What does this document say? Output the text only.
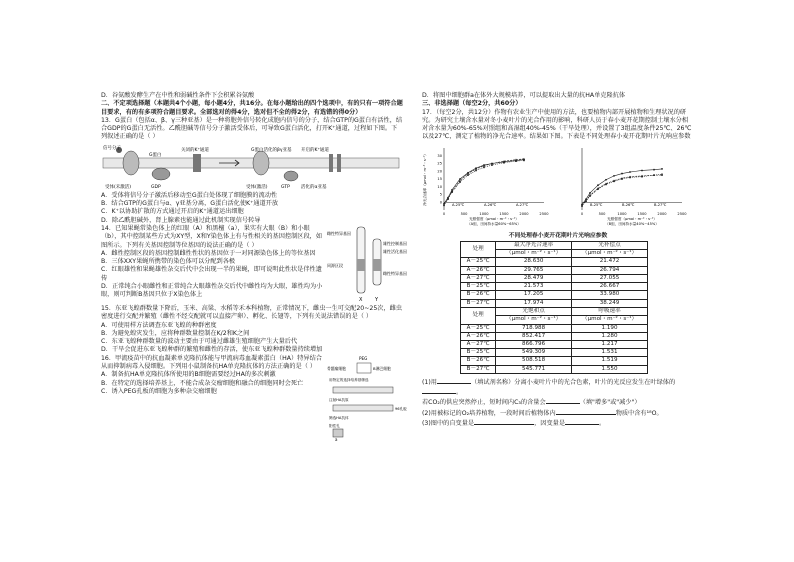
D．谷氨酸发酵生产在中性和弱碱性条件下会积累谷氨酸

二、不定项选择题（本题共4个小题，每小题4分，共16分。在每小题给出的四个选项中，有的只有一项符合题目要求，有的有多项符合题目要求。全部选对的得4分，选对但不全的得2分，有选错的得0分）

13．G蛋白（包括α、β、γ三种亚基）是一种将胞外信号转化成胞内信号的分子，结合GTP的G蛋白有活性，结合GDP的G蛋白无活性。乙酰胆碱等信号分子激活受体后，可导致G蛋白活化，打开K⁺通道，过程如下图。下列叙述正确的是（ ）

信号分子
GDP	GTP
关闭的K⁺通道	开启的K⁺通道
受体(未激活)	受体(激活)
G蛋白
G蛋白活化的βγ亚基
活化的α亚基

A．受体将信号分子激活后移动至G蛋白处体现了细胞膜的流动性

B．结合GTP的G蛋白与α、γ亚基分离，G蛋白活化使K⁺通道开放

C．K⁺以协助扩散的方式通过开启的K⁺通道运出细胞

D．除乙酰胆碱外，肾上腺素也能通过此机制实现信号转导

14．已知果蝇常染色体上的红眼（A）和黑檀（a），果实有大眼（B）和小眼（b），其中控制某些方式为XY型，X和Y染色体上有与性相关的基因控制区段，如图所示。下列有关基因控制等位基因的说法正确的是（ ）

A．雌性控制区段的基因控制雌性性状的基因位于一对同源染色体上的等位基因

B．三体XXY果蝇所携带的染色体可以分配到各极

C．红眼雄性和果蝇雄性杂交后代中会出现一半的果蝇，即可说明此性状是伴性遗传

D．正常纯合小眼雌性和正常纯合大眼雄性杂交后代中雌性均为大眼，雄性均为小眼，则可判断B基因只位于X染色体上

雌性特异基因
雄性控制基因
雄性活化基因
同源区段
雌性特异基因
X	Y

15．东亚飞蝗群数量下降后，玉米、高粱、水稻等禾本科植物，正常情况下，雌虫一生可交配20~25次，雌虫密度进行交配并繁殖（雌性不经交配就可以直接产卵）、孵化、长翅等，下列有关说法错误的是（ ）

A．可使用样方法调查东亚飞蝗的种群密度

B．为避免蝗灾发生，应将种群数量控制在K/2和K之间

C．东亚飞蝗种群数量的波动主要由于可通过雌雄生殖细胞产生大量后代

D．干旱会促进东亚飞蝗种群的繁殖和雌性的存活，使东亚飞蝗种群数量持续增加

16．甲流疫苗中的抗血凝素单克隆抗体能与甲流病毒血凝素蛋白（HA）特异结合从而抑制病毒入侵细胞。下列用小鼠制备抗HA单克隆抗体的方法正确的是（ ）

A．制备抗HA单克隆抗体所使用的B细胞需要经过HA的多次刺激

B．在特定的选择培养基上，不能合成杂交瘤细胞和融合的细胞同时会死亡

C．诱入PEG孔板的细胞为多种杂交瘤细胞

PEG
骨髓瘤细胞	B淋巴细胞
用特定的选择培养基筛选
注射HA抗原
96孔板
筛选HA抗体
阳性孔
a

D．将图中细胞群a在体外大规模培养，可以提取出大量的抗HA单克隆抗体

三、非选择题（每空2分，共60分）

17．（每空2分，共12分）作物有农业生产中使用的方法，也要植物内部开展植物和生理状况的研究。为研究土壤含水量对冬小麦叶片的光合作用的影响，科研人员于春小麦开花期控制土壤水分相对含水量为60%-65%对照组和高湿组40%-45%（干旱处理），并设置了3组温度条件25℃、26℃以及27℃，测定了植物的净光合速率。结果如下图。下表是不同处理春小麦开花期叶片光响应参数

0	500	1000	1500	2000	2500
0
5
10
15
20
25
30
净光合速率（μmol・m⁻²・s⁻¹）
光照强度（μmol・m⁻²・s⁻¹）
（A组，田间持水量60%~65%）
A-25℃	A-26℃	A-27℃
0	500	1000	1500	2000	2500
光照强度（μmol・m⁻²・s⁻¹）
（B组，田间持水量40%~45%）
B-25℃	B-26℃	B-27℃
不同处理春小麦开花期叶片光响应参数
处理	最大净光合速率	光补偿点
	（μmol・m⁻²・s⁻¹）	（μmol・m⁻²・s⁻¹）
A－25℃	28.630	21.472
A－26℃	29.765	26.794
A－27℃	28.479	27.055
B－25℃	21.573	26.667
B－26℃	17.205	33.980
B－27℃	17.974	38.249
处理	光饱和点	呼吸速率
	（μmol・m⁻²・s⁻¹）	（μmol・m⁻²・s⁻¹）
A－25℃	718.988	1.190
A－26℃	852.417	1.280
A－27℃	866.796	1.217
B－25℃	549.309	1.531
B－26℃	508.518	1.519
B－27℃	545.771	1.550

(1)用	（填试剂名称）分离小麦叶片中的光合色素，叶片的光反应发生在叶绿体的。

若CO₂的供应突然停止，短时间内C₃的含量会	（填"增多"或"减少"）

(2)用被标记的O₂培养植物，一段时间后植物体内	物质中含有¹⁸O。

(3)图中的自变量是	，因变量是	。
